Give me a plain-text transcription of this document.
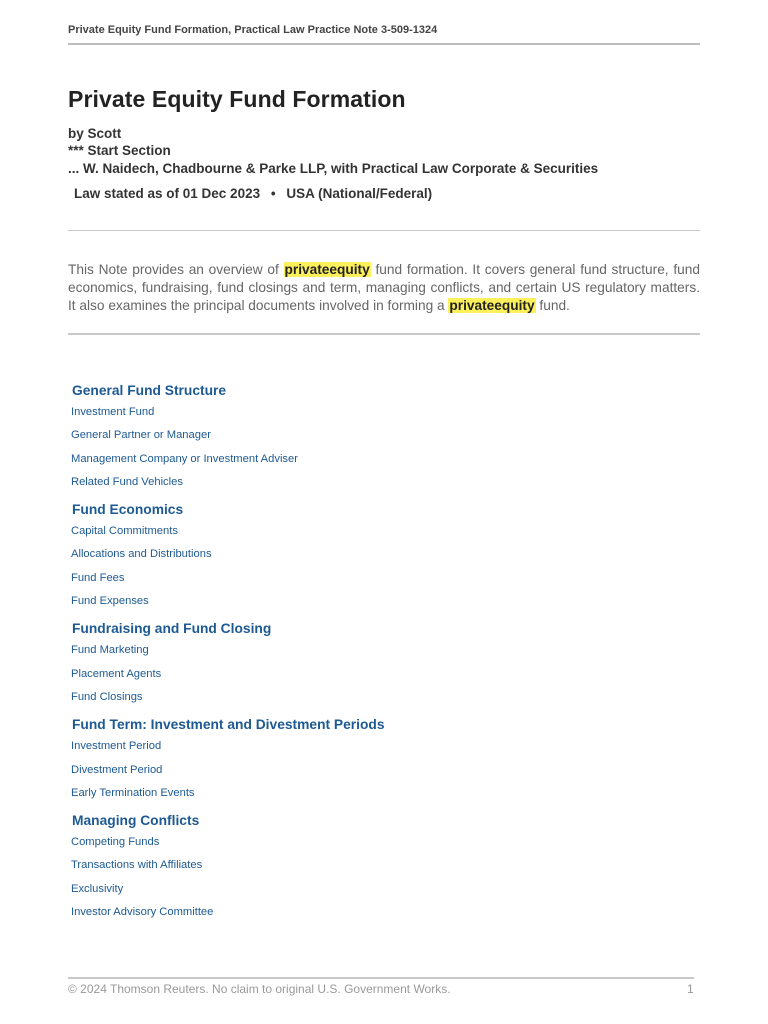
Private Equity Fund Formation, Practical Law Practice Note 3-509-1324
Private Equity Fund Formation
by Scott
*** Start Section
... W. Naidech, Chadbourne & Parke LLP, with Practical Law Corporate & Securities
Law stated as of 01 Dec 2023 • USA (National/Federal)

This Note provides an overview of privateequity fund formation. It covers general fund structure, fund economics, fundraising, fund closings and term, managing conflicts, and certain US regulatory matters. It also examines the principal documents involved in forming a privateequity fund.

General Fund Structure
Investment Fund
General Partner or Manager
Management Company or Investment Adviser
Related Fund Vehicles
Fund Economics
Capital Commitments
Allocations and Distributions
Fund Fees
Fund Expenses
Fundraising and Fund Closing
Fund Marketing
Placement Agents
Fund Closings
Fund Term: Investment and Divestment Periods
Investment Period
Divestment Period
Early Termination Events
Managing Conflicts
Competing Funds
Transactions with Affiliates
Exclusivity
Investor Advisory Committee
© 2024 Thomson Reuters. No claim to original U.S. Government Works.	1
